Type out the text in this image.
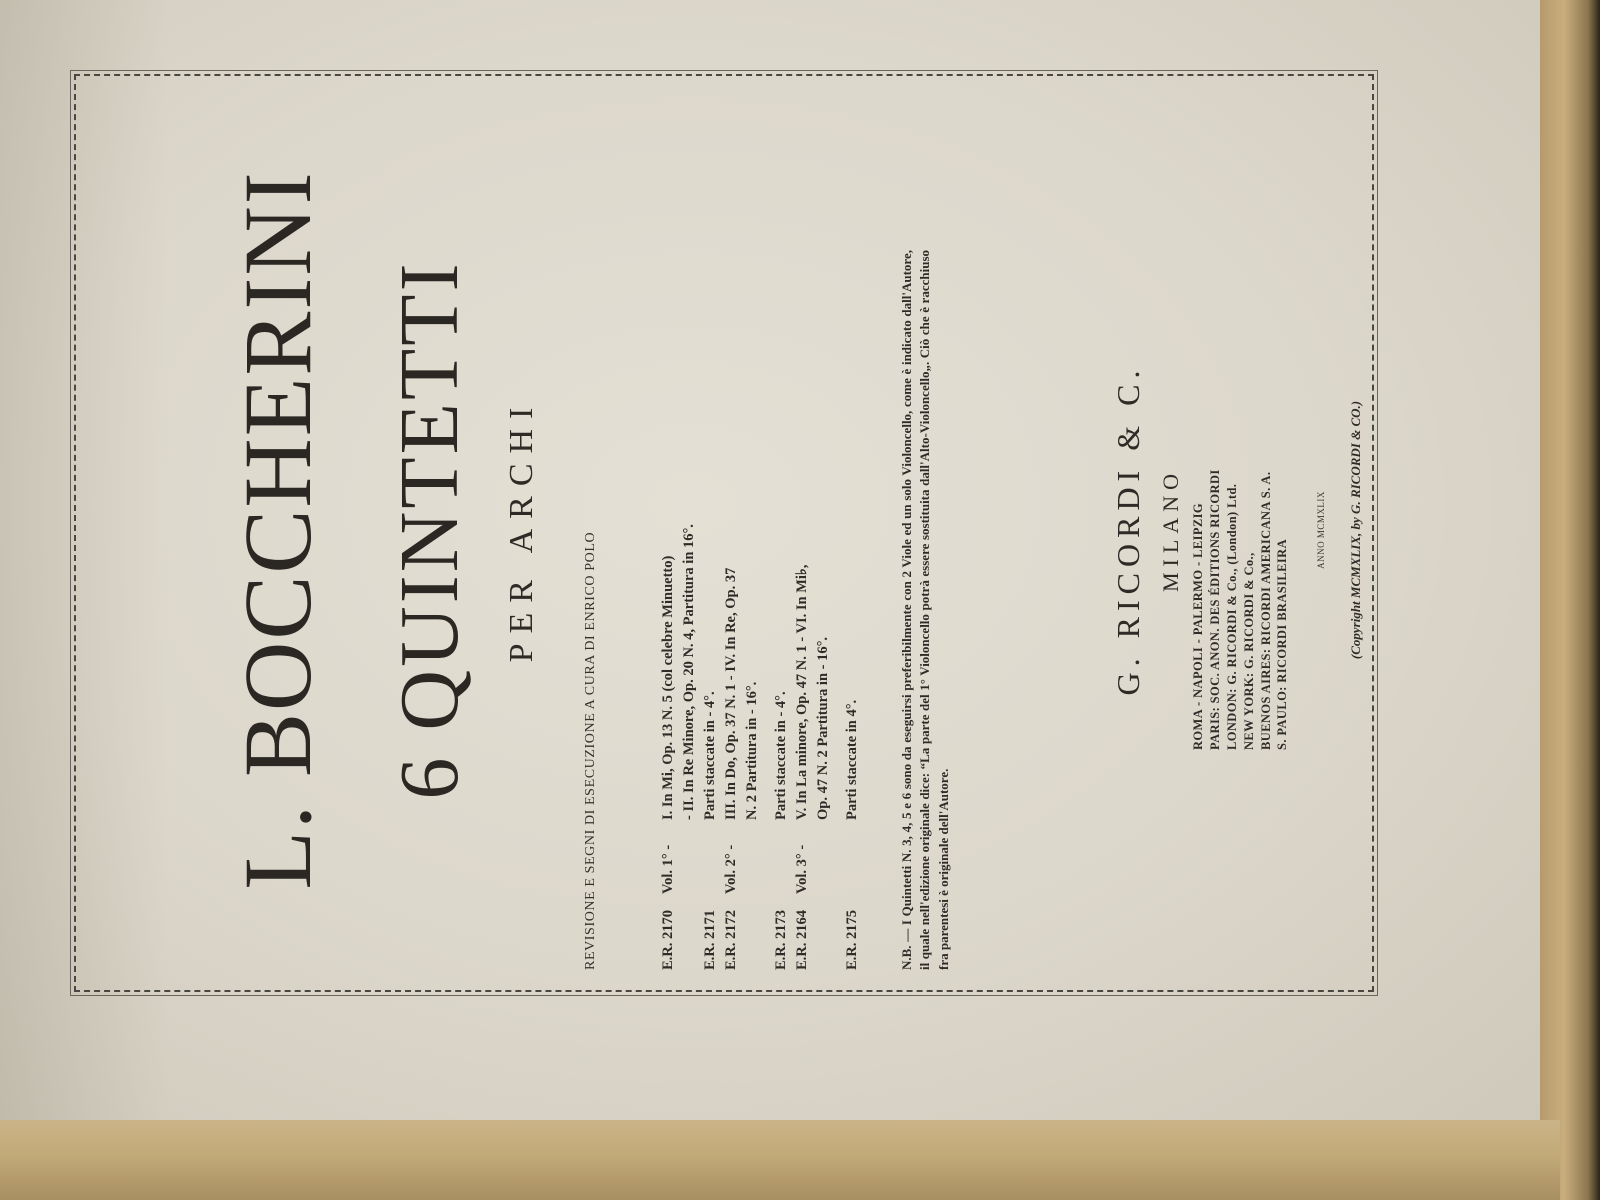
L. BOCCHERINI 6 QUINTETTI PER ARCHI
REVISIONE E SEGNI DI ESECUZIONE A CURA DI ENRICO POLO	E.R. 2170
Vol. 1° -
I. In Mi, Op. 13 N. 5 (col celebre Minuetto)
- II. In Re Minore, Op. 20 N. 4, Partitura in 16°.
E.R. 2171
Parti staccate in - 4°.
E.R. 2172
Vol. 2° -
III. In Do, Op. 37 N. 1 - IV. In Re, Op. 37
N. 2 Partitura in - 16°.
E.R. 2173
Parti staccate in - 4°.
E.R. 2164
Vol. 3° -
V. In La minore, Op. 47 N. 1 - VI. In Mi♭,
Op. 47 N. 2 Partitura in - 16°.
E.R. 2175
Parti staccate in 4°.	N.B. — I Quintetti N. 3, 4, 5 e 6 sono da eseguirsi preferibilmente con 2 Viole ed un solo Violoncello, come è indicato dall'Autore, il quale nell'edizione originale dice: “La parte del 1° Violoncello potrà essere sostituita dall'Alto-Violoncello„. Ciò che è racchiuso fra parentesi è originale dell'Autore.
G. RICORDI & C. MILANO ROMA - NAPOLI - PALERMO - LEIPZIG PARIS: SOC. ANON. DES ÉDITIONS RICORDI LONDON: G. RICORDI & Co., (London) Ltd. NEW YORK: G. RICORDI & Co., BUENOS AIRES: RICORDI AMERICANA S. A. S. PAULO: RICORDI BRASILEIRA
ANNO MCMXLIX (Copyright MCMXLIX, by G. RICORDI & CO.)
